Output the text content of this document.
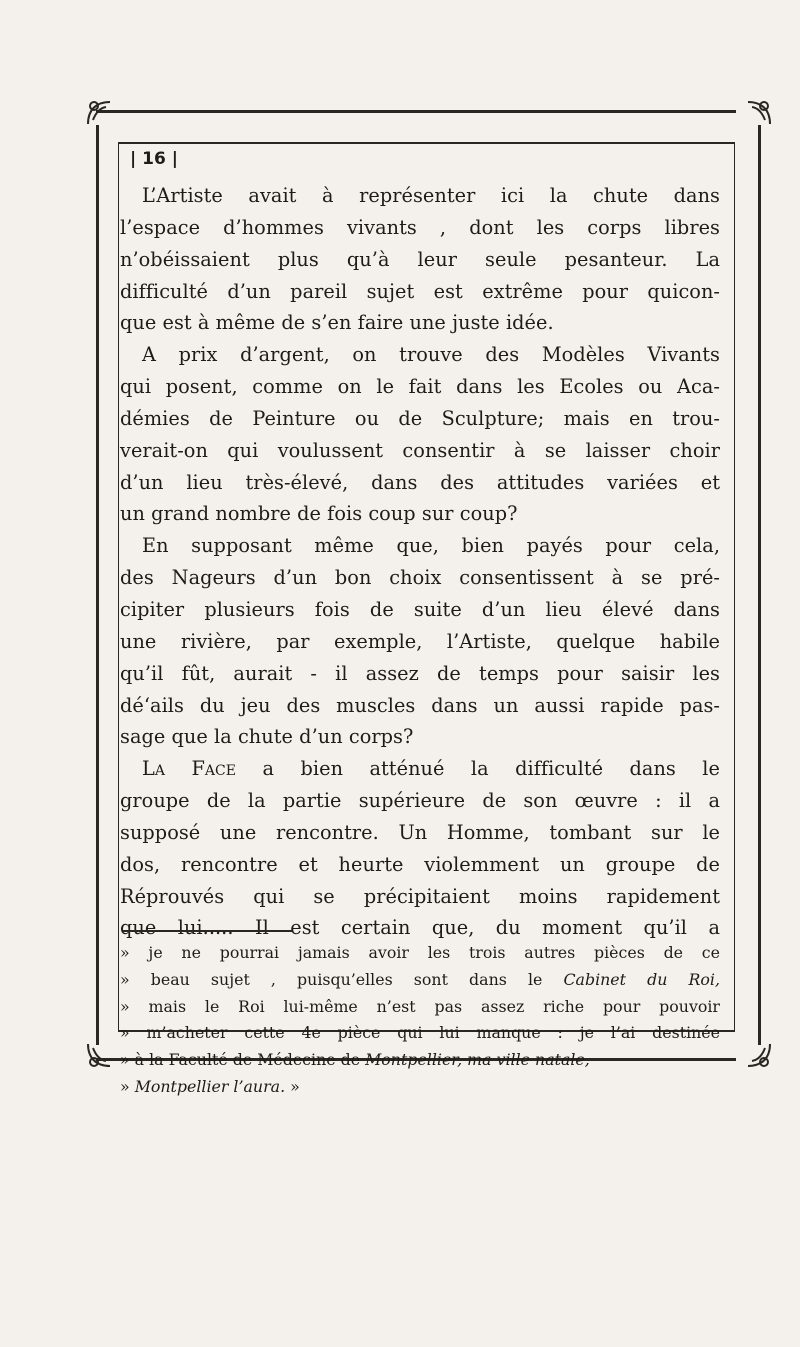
| 16 |
L’Artiste avait à représenter ici la chute dans
l’espace d’hommes vivants , dont les corps libres
n’obéissaient plus qu’à leur seule pesanteur. La
difficulté d’un pareil sujet est extrême pour quicon-
que est à même de s’en faire une juste idée.
A prix d’argent, on trouve des Modèles Vivants
qui posent, comme on le fait dans les Ecoles ou Aca-
démies de Peinture ou de Sculpture; mais en trou-
verait-on qui voulussent consentir à se laisser choir
d’un lieu très-élevé, dans des attitudes variées et
un grand nombre de fois coup sur coup?
En supposant même que, bien payés pour cela,
des Nageurs d’un bon choix consentissent à se pré-
cipiter plusieurs fois de suite d’un lieu élevé dans
une rivière, par exemple, l’Artiste, quelque habile
qu’il fût, aurait - il assez de temps pour saisir les
dé‘ails du jeu des muscles dans un aussi rapide pas-
sage que la chute d’un corps?
La Face a bien atténué la difficulté dans le
groupe de la partie supérieure de son œuvre : il a
supposé une rencontre. Un Homme, tombant sur le
dos, rencontre et heurte violemment un groupe de
Réprouvés qui se précipitaient moins rapidement
que lui..... Il est certain que, du moment qu’il a
» je ne pourrai jamais avoir les trois autres pièces de ce
» beau sujet , puisqu’elles sont dans le Cabinet du Roi,
» mais le Roi lui-même n’est pas assez riche pour pouvoir
» m’acheter cette 4e pièce qui lui manque : je l’ai destinée
» à la Faculté de Médecine de Montpellier, ma ville natale,
» Montpellier l’aura. »
